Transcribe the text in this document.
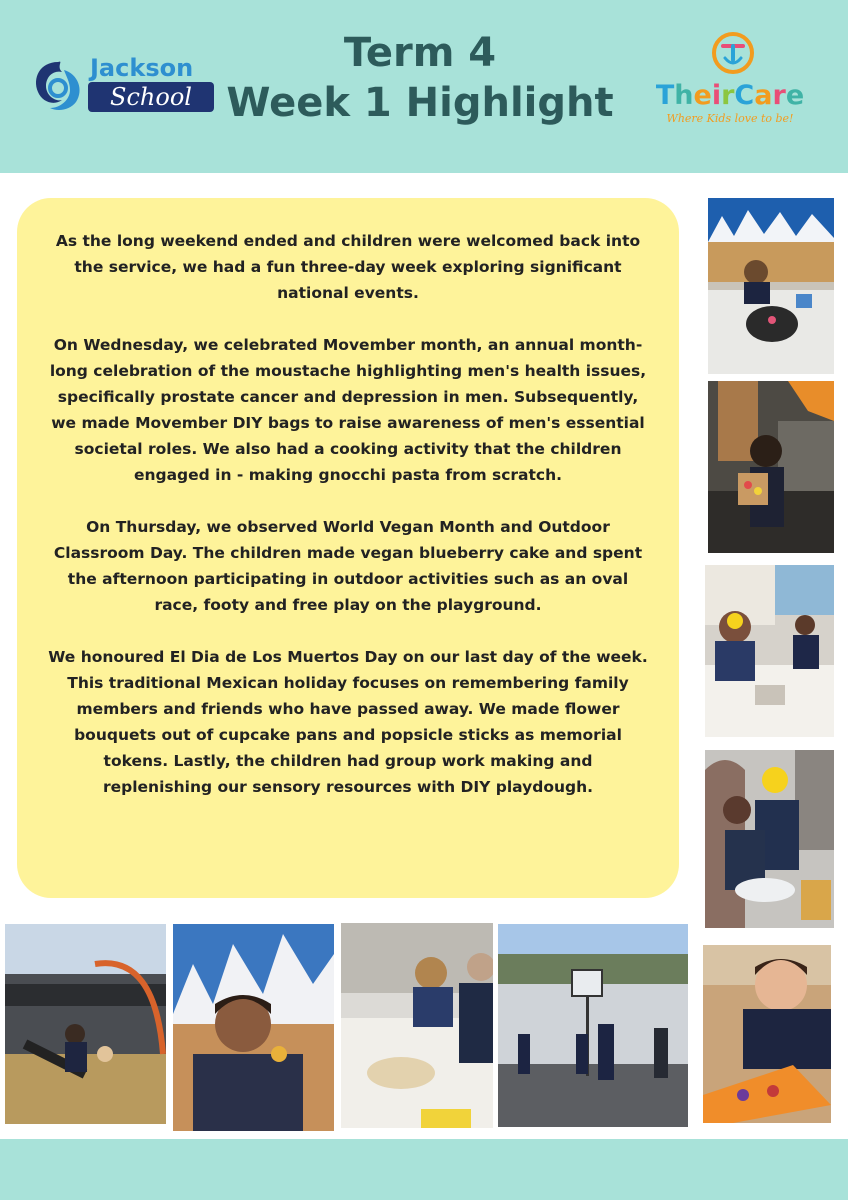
Jackson
School
Term 4
Week 1 Highlight TheirCare
Where Kids love to be!

As the long weekend ended and children were welcomed back into the service, we had a fun three-day week exploring significant national events.

On Wednesday, we celebrated Movember month, an annual month-long celebration of the moustache highlighting men's health issues, specifically prostate cancer and depression in men. Subsequently, we made Movember DIY bags to raise awareness of men's essential societal roles. We also had a cooking activity that the children engaged in - making gnocchi pasta from scratch.

On Thursday, we observed World Vegan Month and Outdoor Classroom Day. The children made vegan blueberry cake and spent the afternoon participating in outdoor activities such as an oval race, footy and free play on the playground.

We honoured El Dia de Los Muertos Day on our last day of the week. This traditional Mexican holiday focuses on remembering family members and friends who have passed away. We made flower bouquets out of cupcake pans and popsicle sticks as memorial tokens. Lastly, the children had group work making and replenishing our sensory resources with DIY playdough.
